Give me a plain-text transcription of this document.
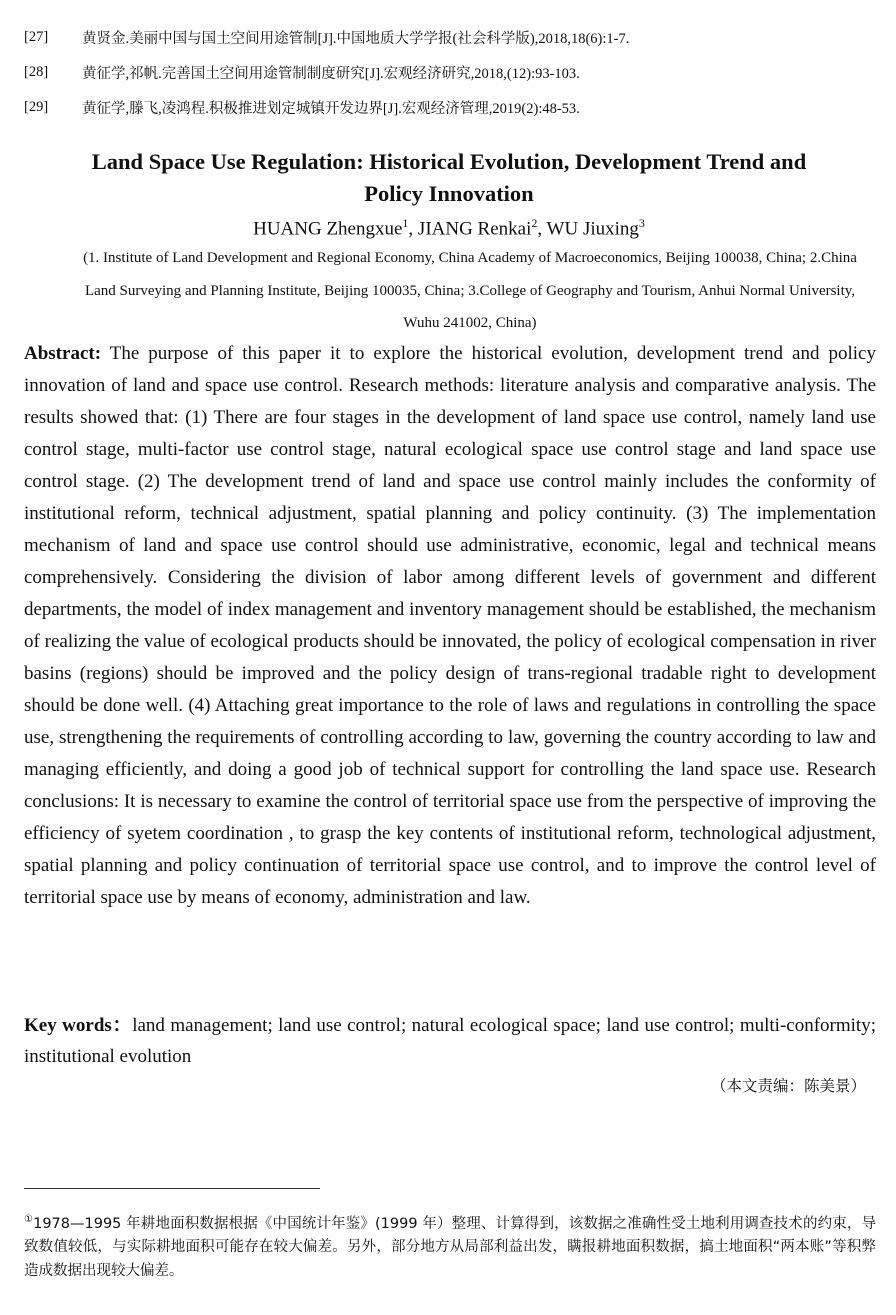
[27]	黄贤金.美丽中国与国土空间用途管制[J].中国地质大学学报(社会科学版),2018,18(6):1-7.
[28]	黄征学,祁帆.完善国土空间用途管制制度研究[J].宏观经济研究,2018,(12):93-103.
[29]	黄征学,滕飞,凌鸿程.积极推进划定城镇开发边界[J].宏观经济管理,2019(2):48-53.
Land Space Use Regulation: Historical Evolution, Development Trend and
Policy Innovation
HUANG Zhengxue$^1$, JIANG Renkai$^2$, WU Jiuxing$^3$
(1. Institute of Land Development and Regional Economy, China Academy of Macroeconomics, Beijing 100038, China; 2.China Land Surveying and Planning Institute, Beijing 100035, China; 3.College of Geography and Tourism, Anhui Normal University, Wuhu 241002, China)

Abstract: The purpose of this paper it to explore the historical evolution, development trend and policy innovation of land and space use control. Research methods: literature analysis and comparative analysis. The results showed that: (1) There are four stages in the development of land space use control, namely land use control stage, multi-factor use control stage, natural ecological space use control stage and land space use control stage. (2) The development trend of land and space use control mainly includes the conformity of institutional reform, technical adjustment, spatial planning and policy continuity. (3) The implementation mechanism of land and space use control should use administrative, economic, legal and technical means comprehensively. Considering the division of labor among different levels of government and different departments, the model of index management and inventory management should be established, the mechanism of realizing the value of ecological products should be innovated, the policy of ecological compensation in river basins (regions) should be improved and the policy design of trans-regional tradable right to development should be done well. (4) Attaching great importance to the role of laws and regulations in controlling the space use, strengthening the requirements of controlling according to law, governing the country according to law and managing efficiently, and doing a good job of technical support for controlling the land space use. Research conclusions: It is necessary to examine the control of territorial space use from the perspective of improving the efficiency of syetem coordination , to grasp the key contents of institutional reform, technological adjustment, spatial planning and policy continuation of territorial space use control, and to improve the control level of territorial space use by means of economy, administration and law.

Key words：land management; land use control; natural ecological space; land use control; multi-conformity; institutional evolution

（本文责编：陈美景）

①1978—1995 年耕地面积数据根据《中国统计年鉴》(1999 年）整理、计算得到，该数据之准确性受土地利用调查技术的约束，导致数值较低，与实际耕地面积可能存在较大偏差。另外，部分地方从局部利益出发，瞒报耕地面积数据，搞土地面积“两本账”等积弊造成数据出现较大偏差。
